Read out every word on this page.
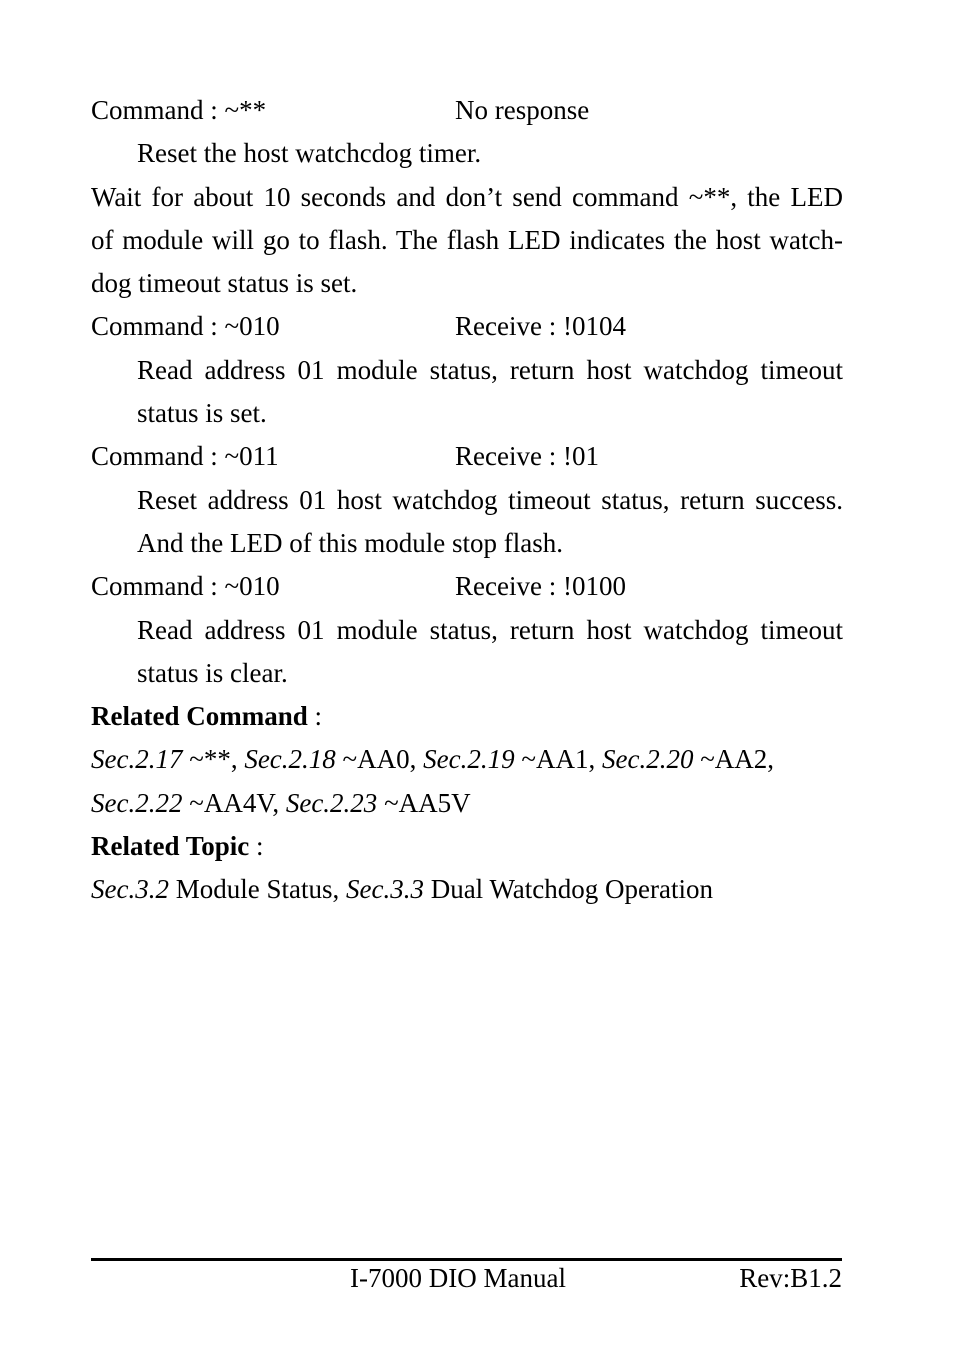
Command : ~**	No response
Reset the host watchcdog timer.
Wait for about 10 seconds and don’t send command ~**, the LED
of module will go to flash. The flash LED indicates the host watch-
dog timeout status is set.
Command : ~010	Receive : !0104
Read address 01 module status, return host watchdog timeout
status is set.
Command : ~011	Receive : !01
Reset address 01 host watchdog timeout status, return success.
And the LED of this module stop flash.
Command : ~010	Receive : !0100
Read address 01 module status, return host watchdog timeout
status is clear.
Related Command :
Sec.2.17 ~**, Sec.2.18 ~AA0, Sec.2.19 ~AA1, Sec.2.20 ~AA2,
Sec.2.22 ~AA4V, Sec.2.23 ~AA5V
Related Topic :
Sec.3.2 Module Status, Sec.3.3 Dual Watchdog Operation
I-7000 DIO Manual	Rev:B1.2
